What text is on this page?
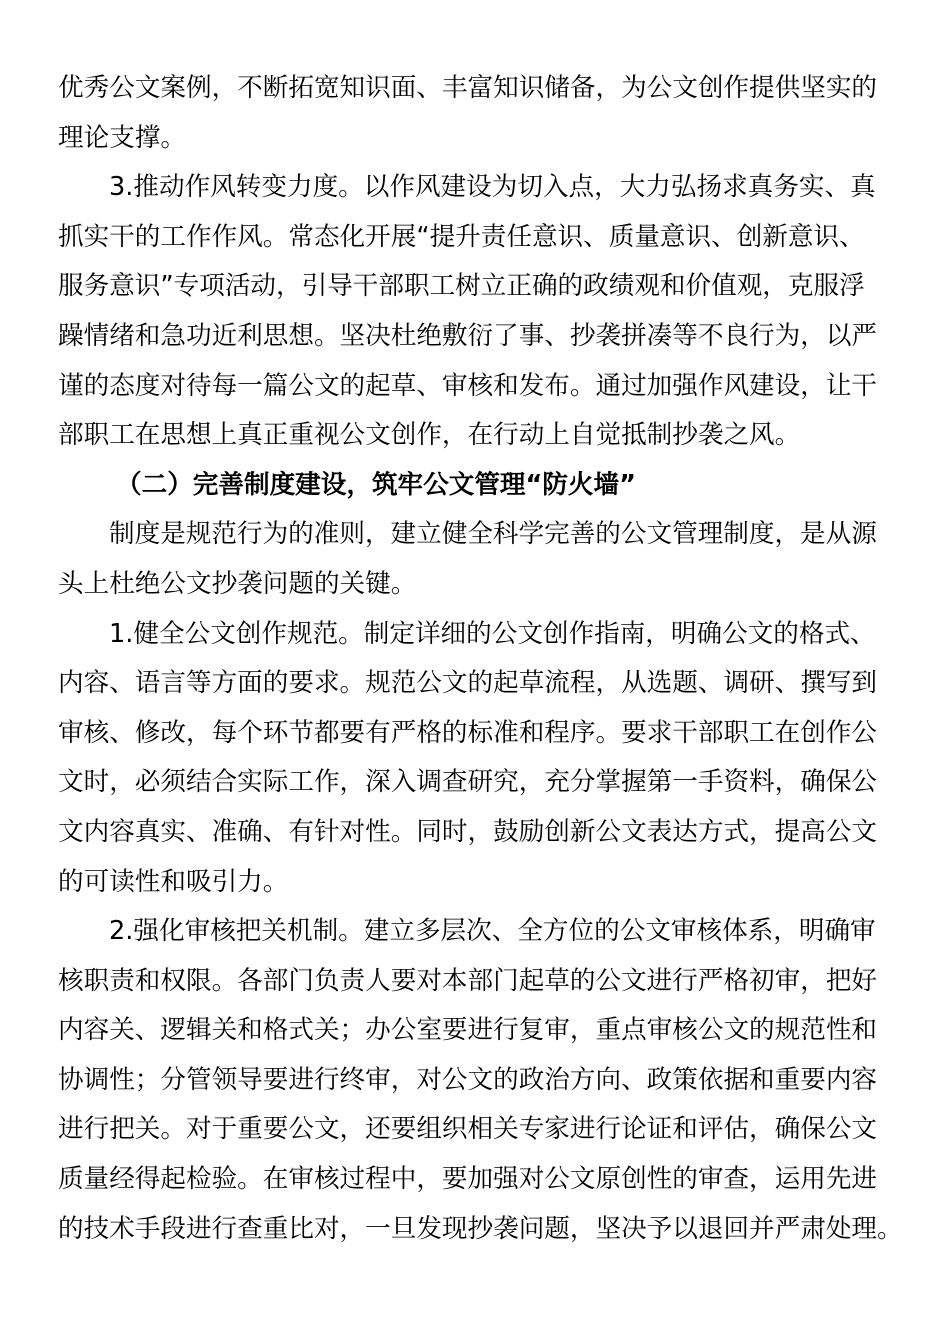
优秀公文案例，不断拓宽知识面、丰富知识储备，为公文创作提供坚实的
理论支撑。
3.推动作风转变力度。以作风建设为切入点，大力弘扬求真务实、真
抓实干的工作作风。常态化开展“提升责任意识、质量意识、创新意识、
服务意识”专项活动，引导干部职工树立正确的政绩观和价值观，克服浮
躁情绪和急功近利思想。坚决杜绝敷衍了事、抄袭拼凑等不良行为，以严
谨的态度对待每一篇公文的起草、审核和发布。通过加强作风建设，让干
部职工在思想上真正重视公文创作，在行动上自觉抵制抄袭之风。
（二）完善制度建设，筑牢公文管理“防火墙”
制度是规范行为的准则，建立健全科学完善的公文管理制度，是从源
头上杜绝公文抄袭问题的关键。
1.健全公文创作规范。制定详细的公文创作指南，明确公文的格式、
内容、语言等方面的要求。规范公文的起草流程，从选题、调研、撰写到
审核、修改，每个环节都要有严格的标准和程序。要求干部职工在创作公
文时，必须结合实际工作，深入调查研究，充分掌握第一手资料，确保公
文内容真实、准确、有针对性。同时，鼓励创新公文表达方式，提高公文
的可读性和吸引力。
2.强化审核把关机制。建立多层次、全方位的公文审核体系，明确审
核职责和权限。各部门负责人要对本部门起草的公文进行严格初审，把好
内容关、逻辑关和格式关；办公室要进行复审，重点审核公文的规范性和
协调性；分管领导要进行终审，对公文的政治方向、政策依据和重要内容
进行把关。对于重要公文，还要组织相关专家进行论证和评估，确保公文
质量经得起检验。在审核过程中，要加强对公文原创性的审查，运用先进
的技术手段进行查重比对，一旦发现抄袭问题，坚决予以退回并严肃处理。
